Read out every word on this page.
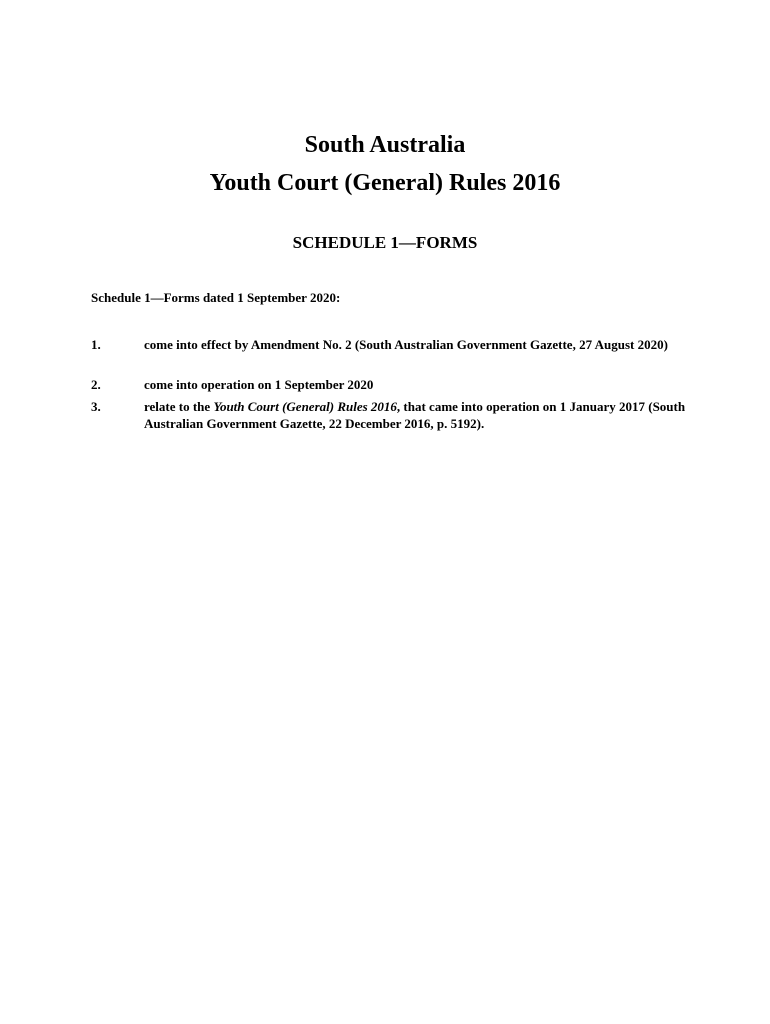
South Australia
Youth Court (General) Rules 2016
SCHEDULE 1—FORMS
Schedule 1—Forms dated 1 September 2020:
1.	come into effect by Amendment No. 2 (South Australian Government Gazette, 27 August 2020)
2.	come into operation on 1 September 2020
3.	relate to the Youth Court (General) Rules 2016, that came into operation on 1 January 2017 (South Australian Government Gazette, 22 December 2016, p. 5192).
